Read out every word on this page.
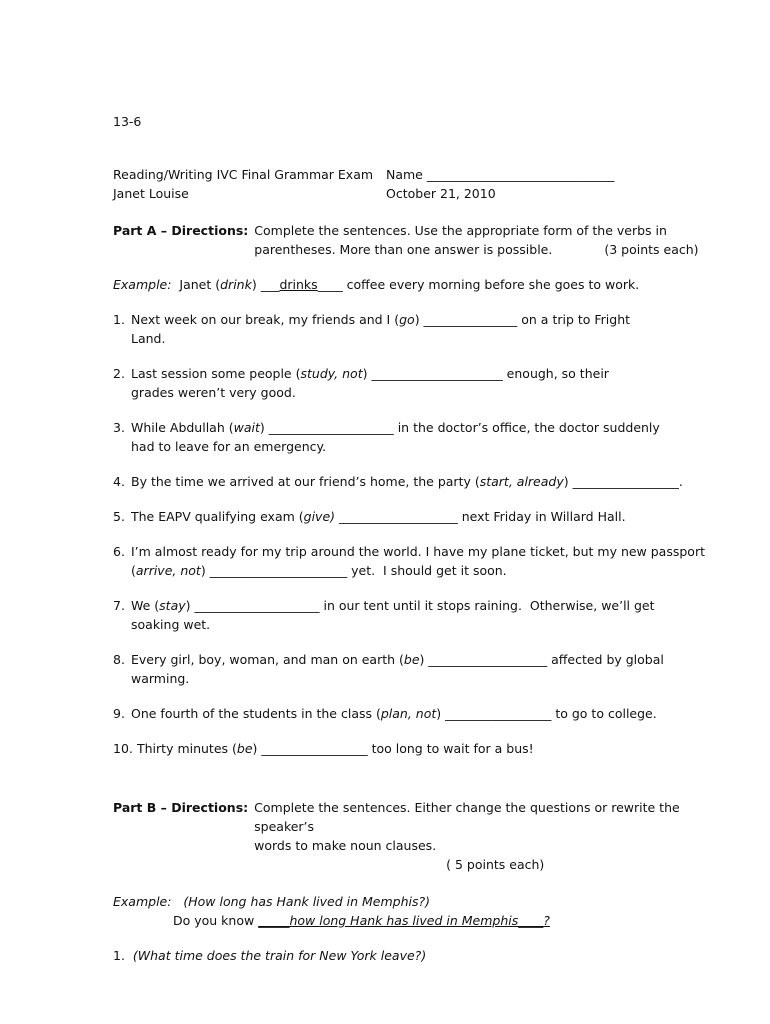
13-6
Reading/Writing IVC Final Grammar Exam
Janet Louise
Name ______________________________
October 21, 2010
Part A – Directions: Complete the sentences. Use the appropriate form of the verbs in
parentheses. More than one answer is possible.	(3 points each)
Example: Janet (drink) ___drinks____ coffee every morning before she goes to work.
1. Next week on our break, my friends and I (go) _______________ on a trip to Fright
Land.
2. Last session some people (study, not) _____________________ enough, so their
grades weren’t very good.
3. While Abdullah (wait) ____________________ in the doctor’s office, the doctor suddenly
had to leave for an emergency.
4. By the time we arrived at our friend’s home, the party (start, already) _________________.
5. The EAPV qualifying exam (give) ___________________ next Friday in Willard Hall.
6. I’m almost ready for my trip around the world. I have my plane ticket, but my new passport
(arrive, not) ______________________ yet.  I should get it soon.
7. We (stay) ____________________ in our tent until it stops raining.  Otherwise, we’ll get
soaking wet.
8. Every girl, boy, woman, and man on earth (be) ___________________ affected by global
warming.
9. One fourth of the students in the class (plan, not) _________________ to go to college.
10. Thirty minutes (be) _________________ too long to wait for a bus!
Part B – Directions: Complete the sentences. Either change the questions or rewrite the speaker’s
words to make noun clauses.( 5 points each)
Example: (How long has Hank lived in Memphis?)
Do you know _____how long Hank has lived in Memphis____?
1. (What time does the train for New York leave?)
